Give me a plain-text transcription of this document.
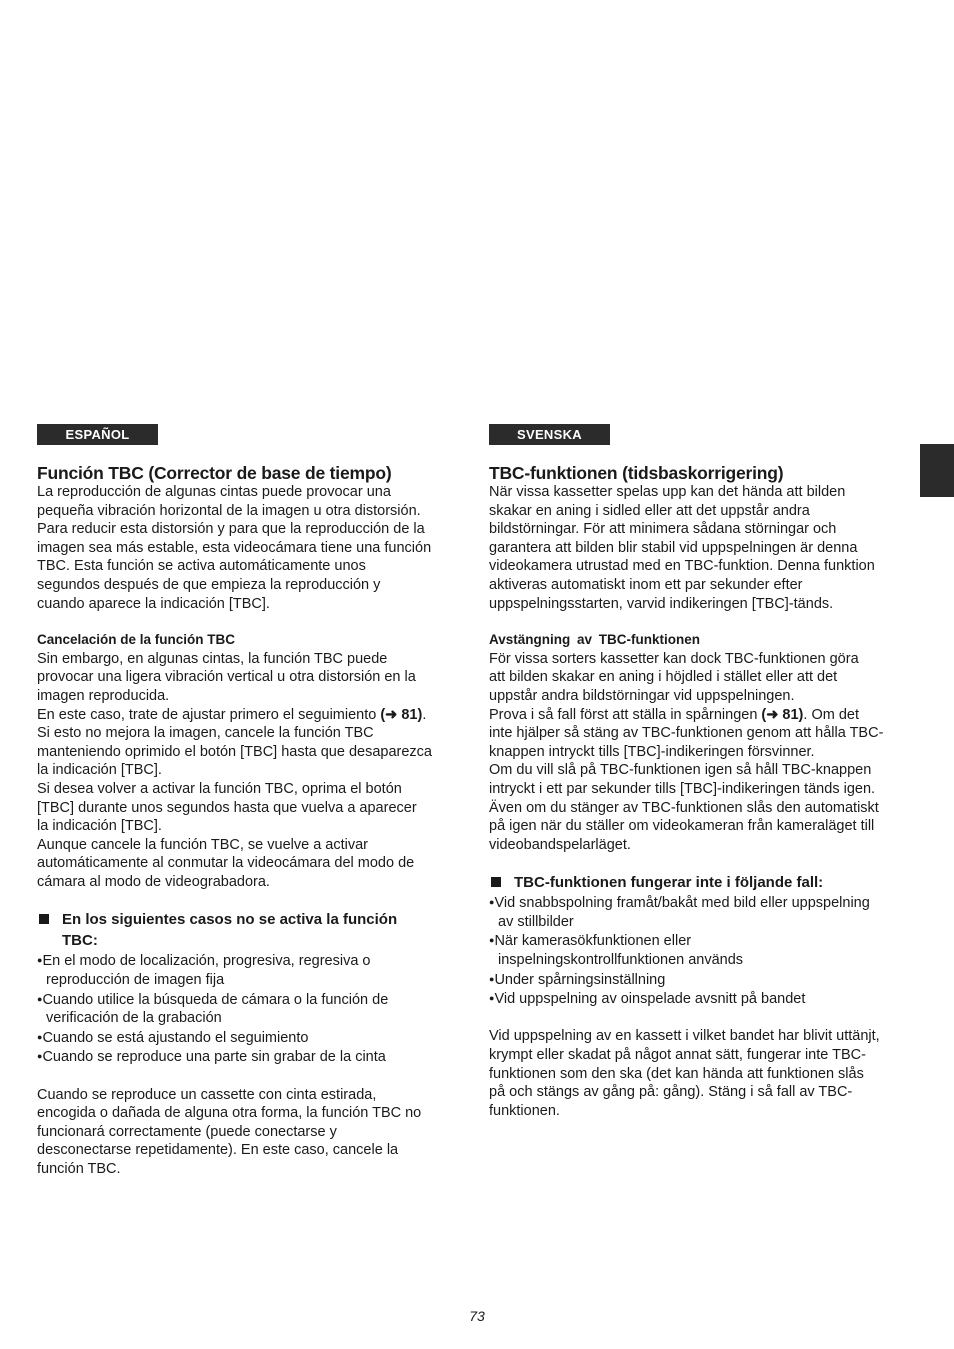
ESPAÑOL
Función TBC (Corrector de base de tiempo)

La reproducción de algunas cintas puede provocar una
pequeña vibración horizontal de la imagen u otra distorsión.
Para reducir esta distorsión y para que la reproducción de la
imagen sea más estable, esta videocámara tiene una función
TBC. Esta función se activa automáticamente unos
segundos después de que empieza la reproducción y
cuando aparece la indicación [TBC].

Cancelación de la función TBC

Sin embargo, en algunas cintas, la función TBC puede
provocar una ligera vibración vertical u otra distorsión en la
imagen reproducida.
En este caso, trate de ajustar primero el seguimiento (➜ 81).
Si esto no mejora la imagen, cancele la función TBC
manteniendo oprimido el botón [TBC] hasta que desaparezca
la indicación [TBC].
Si desea volver a activar la función TBC, oprima el botón
[TBC] durante unos segundos hasta que vuelva a aparecer
la indicación [TBC].
Aunque cancele la función TBC, se vuelve a activar
automáticamente al conmutar la videocámara del modo de
cámara al modo de videograbadora.

En los siguientes casos no se activa la función
TBC:
● En el modo de localización, progresiva, regresiva o
reproducción de imagen fija
● Cuando utilice la búsqueda de cámara o la función de
verificación de la grabación
● Cuando se está ajustando el seguimiento
● Cuando se reproduce una parte sin grabar de la cinta

Cuando se reproduce un cassette con cinta estirada,
encogida o dañada de alguna otra forma, la función TBC no
funcionará correctamente (puede conectarse y
desconectarse repetidamente). En este caso, cancele la
función TBC.

SVENSKA
TBC-funktionen (tidsbaskorrigering)

När vissa kassetter spelas upp kan det hända att bilden
skakar en aning i sidled eller att det uppstår andra
bildstörningar. För att minimera sådana störningar och
garantera att bilden blir stabil vid uppspelningen är denna
videokamera utrustad med en TBC-funktion. Denna funktion
aktiveras automatiskt inom ett par sekunder efter
uppspelningsstarten, varvid indikeringen [TBC]-tänds.

Avstängning av TBC-funktionen

För vissa sorters kassetter kan dock TBC-funktionen göra
att bilden skakar en aning i höjdled i stället eller att det
uppstår andra bildstörningar vid uppspelningen.
Prova i så fall först att ställa in spårningen (➜ 81). Om det
inte hjälper så stäng av TBC-funktionen genom att hålla TBC-
knappen intryckt tills [TBC]-indikeringen försvinner.
Om du vill slå på TBC-funktionen igen så håll TBC-knappen
intryckt i ett par sekunder tills [TBC]-indikeringen tänds igen.
Även om du stänger av TBC-funktionen slås den automatiskt
på igen när du ställer om videokameran från kameraläget till
videobandspelarläget.

TBC-funktionen fungerar inte i följande fall:
● Vid snabbspolning framåt/bakåt med bild eller uppspelning
av stillbilder
● När kamerasökfunktionen eller
inspelningskontrollfunktionen används
● Under spårningsinställning
● Vid uppspelning av oinspelade avsnitt på bandet

Vid uppspelning av en kassett i vilket bandet har blivit uttänjt,
krympt eller skadat på något annat sätt, fungerar inte TBC-
funktionen som den ska (det kan hända att funktionen slås
på och stängs av gång på: gång). Stäng i så fall av TBC-
funktionen.

73
